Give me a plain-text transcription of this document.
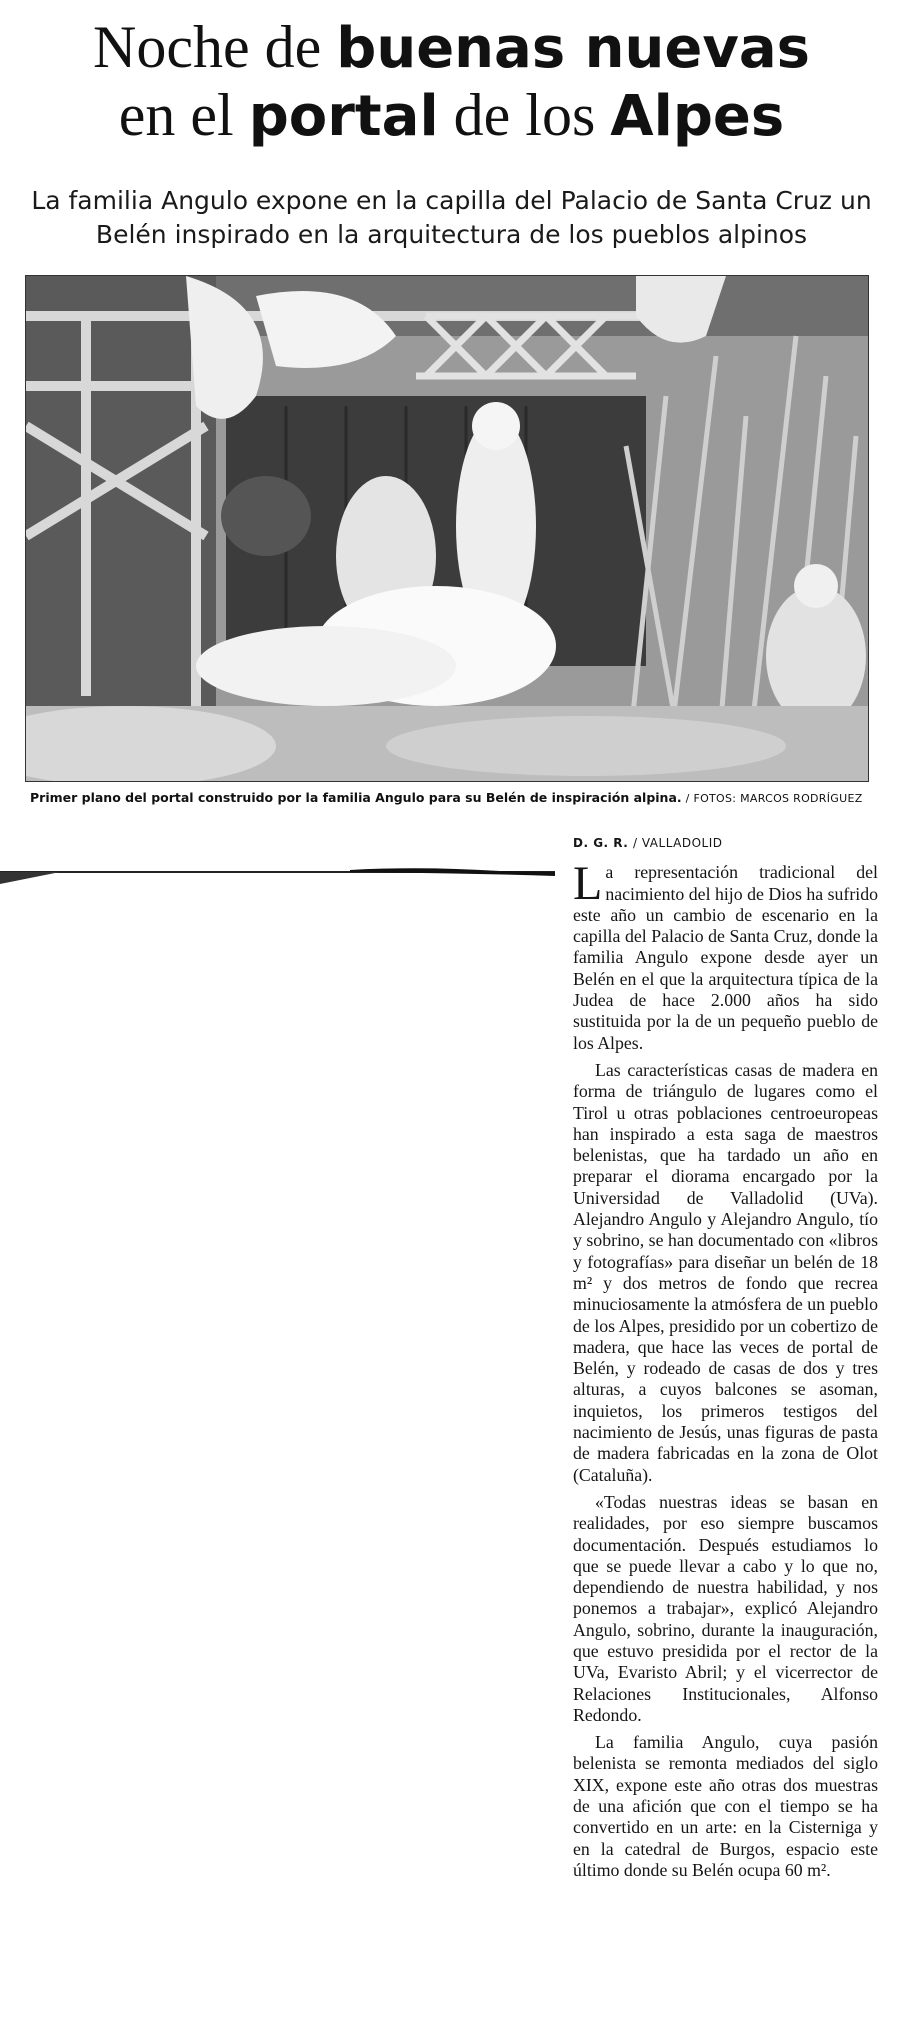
Noche de buenas nuevas
en el portal de los Alpes

La familia Angulo expone en la capilla del Palacio de Santa Cruz un Belén inspirado en la arquitectura de los pueblos alpinos

Primer plano del portal construido por la familia Angulo para su Belén de inspiración alpina. / FOTOS: MARCOS RODRÍGUEZ
D. G. R. / VALLADOLID

La representación tradicional del nacimiento del hijo de Dios ha sufrido este año un cambio de escenario en la capilla del Palacio de Santa Cruz, donde la familia Angulo expone desde ayer un Belén en el que la arquitectura típica de la Judea de hace 2.000 años ha sido sustituida por la de un pequeño pueblo de los Alpes.

Las características casas de madera en forma de triángulo de lugares como el Tirol u otras poblaciones centroeuropeas han inspirado a esta saga de maestros belenistas, que ha tardado un año en preparar el diorama encargado por la Universidad de Valladolid (UVa). Alejandro Angulo y Alejandro Angulo, tío y sobrino, se han documentado con «libros y fotografías» para diseñar un belén de 18 m² y dos metros de fondo que recrea minuciosamente la atmósfera de un pueblo de los Alpes, presidido por un cobertizo de madera, que hace las veces de portal de Belén, y rodeado de casas de dos y tres alturas, a cuyos balcones se asoman, inquietos, los primeros testigos del nacimiento de Jesús, unas figuras de pasta de madera fabricadas en la zona de Olot (Cataluña).

«Todas nuestras ideas se basan en realidades, por eso siempre buscamos documentación. Después estudiamos lo que se puede llevar a cabo y lo que no, dependiendo de nuestra habilidad, y nos ponemos a trabajar», explicó Alejandro Angulo, sobrino, durante la inauguración, que estuvo presidida por el rector de la UVa, Evaristo Abril; y el vicerrector de Relaciones Institucionales, Alfonso Redondo.

La familia Angulo, cuya pasión belenista se remonta mediados del siglo XIX, expone este año otras dos muestras de una afición que con el tiempo se ha convertido en un arte: en la Cisterniga y en la catedral de Burgos, espacio este último donde su Belén ocupa 60 m².
